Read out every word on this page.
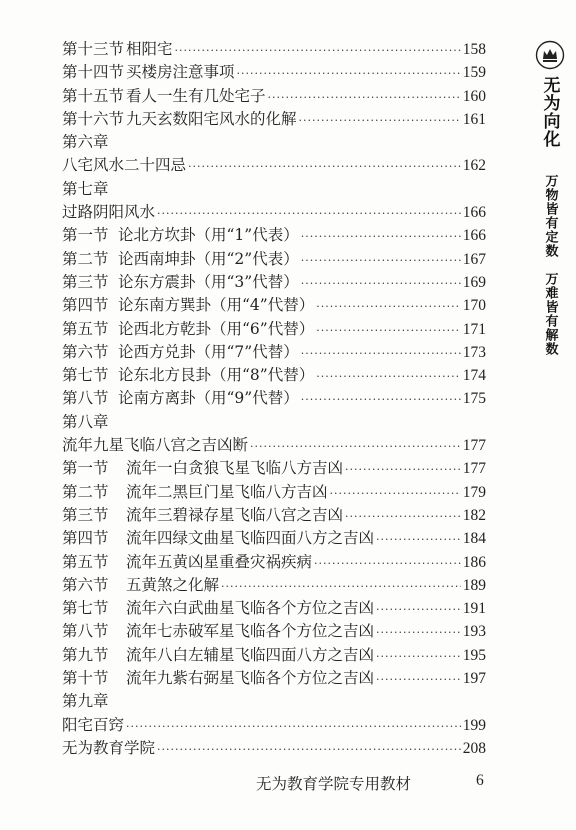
第十三节 相阳宅 ·····	158
第十四节 买楼房注意事项 ·····	159
第十五节 看人一生有几处宅子 ·····	160
第十六节 九天玄数阳宅风水的化解 ·····	161
第六章
八宅风水二十四忌 ·····	162
第七章
过路阴阳风水 ·····	166
第一节 论北方坎卦（用“1”代表） ·····	166
第二节 论西南坤卦（用“2”代表） ·····	167
第三节 论东方震卦（用“3”代替） ·····	169
第四节 论东南方巽卦（用“4”代替） ·····	170
第五节 论西北方乾卦（用“6”代替） ·····	171
第六节 论西方兑卦（用“7”代替） ·····	173
第七节 论东北方艮卦（用“8”代替） ·····	174
第八节 论南方离卦（用“9”代替） ·····	175
第八章
流年九星飞临八宫之吉凶断 ·····	177
第一节	流年一白贪狼飞星飞临八方吉凶 ·····	177
第二节	流年二黑巨门星飞临八方吉凶 ·····	179
第三节	流年三碧禄存星飞临八宫之吉凶 ·····	182
第四节	流年四绿文曲星飞临四面八方之吉凶 ·····	184
第五节	流年五黄凶星重叠灾祸疾病 ·····	186
第六节	五黄煞之化解 ·····	189
第七节	流年六白武曲星飞临各个方位之吉凶 ·····	191
第八节	流年七赤破军星飞临各个方位之吉凶 ·····	193
第九节	流年八白左辅星飞临四面八方之吉凶 ·····	195
第十节	流年九紫右弼星飞临各个方位之吉凶 ·····	197
第九章
阳宅百窍 ·····	199
无为教育学院 ·····	208
无为向化
万物皆有定数
万难皆有解数
无为教育学院专用教材	6
